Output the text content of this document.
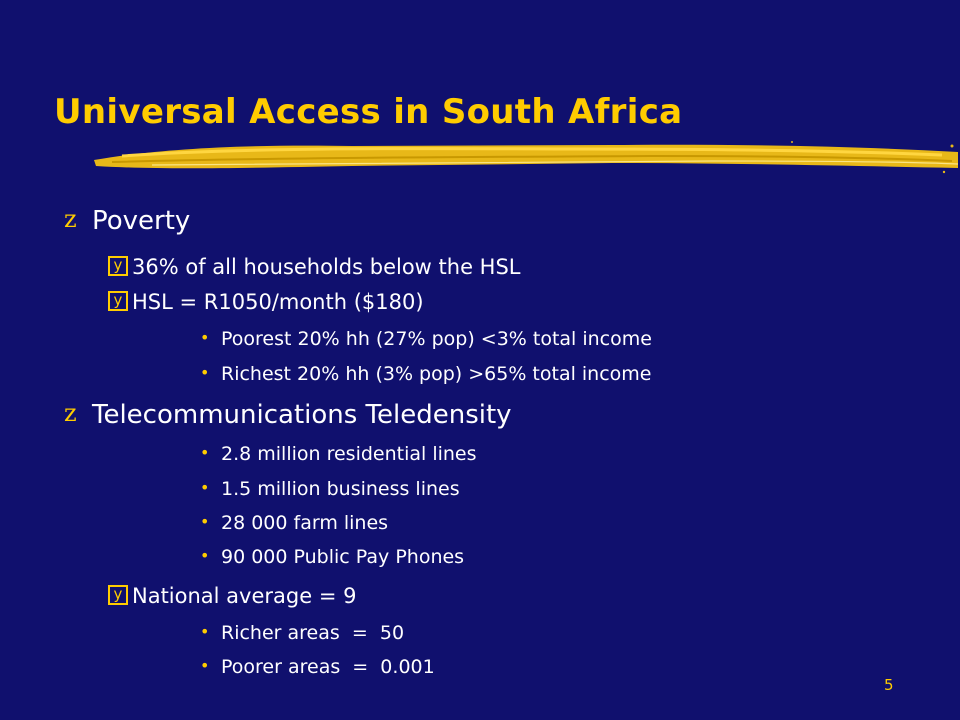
Universal Access in South Africa
z Poverty
y 36% of all households below the HSL
y HSL = R1050/month ($180)
• Poorest 20% hh (27% pop) <3% total income
• Richest 20% hh (3% pop) >65% total income
z Telecommunications Teledensity
• 2.8 million residential lines
• 1.5 million business lines
• 28 000 farm lines
• 90 000 Public Pay Phones
y National average = 9
• Richer areas  =  50
• Poorer areas  =  0.001
5
